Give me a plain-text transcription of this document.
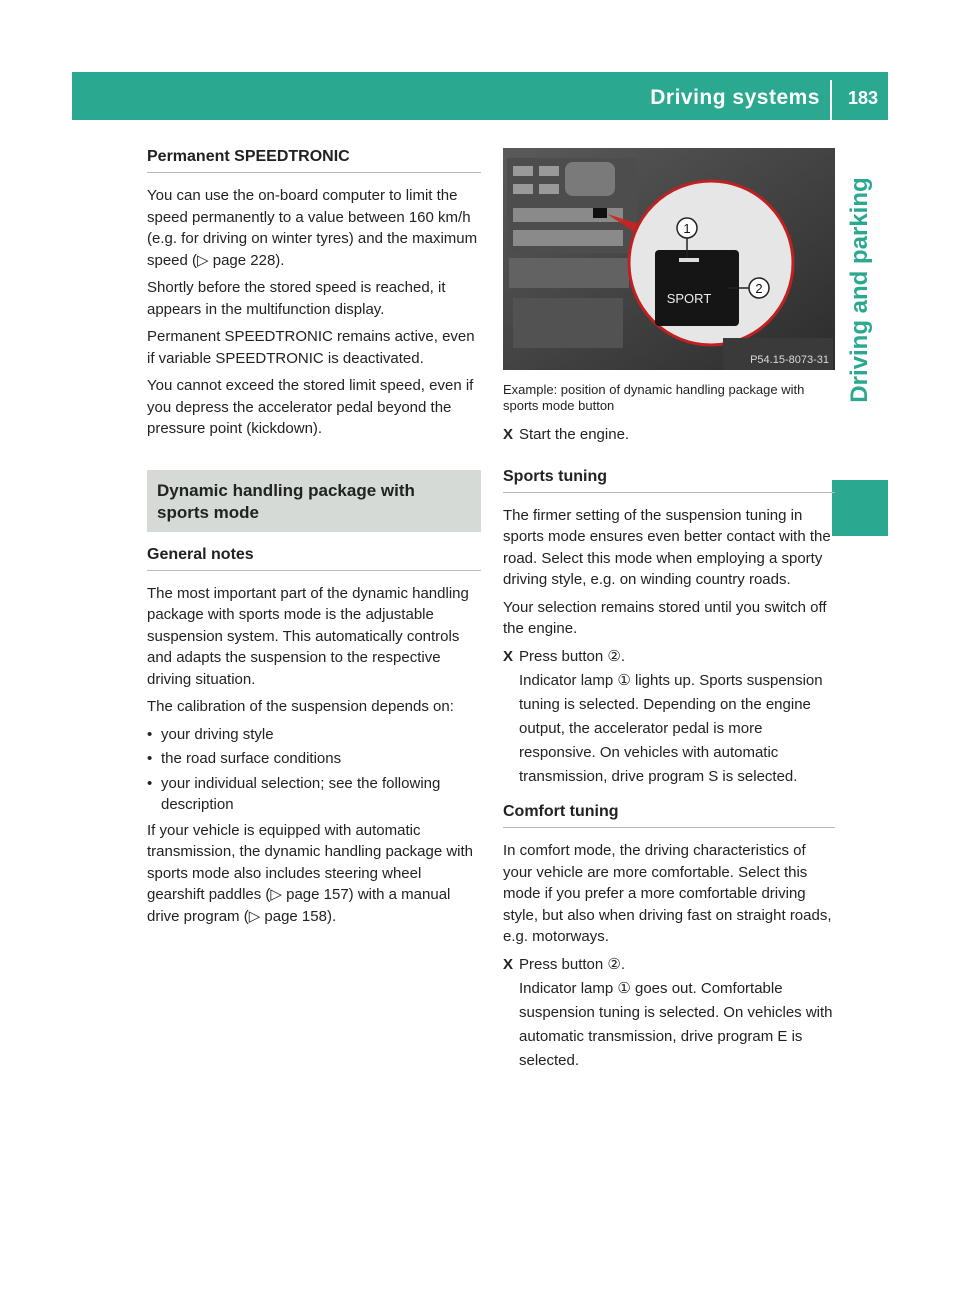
Driving systems 183
Driving and parking
Permanent SPEEDTRONIC

You can use the on-board computer to limit the speed permanently to a value between 160 km/h (e.g. for driving on winter tyres) and the maximum speed (▷ page 228).

Shortly before the stored speed is reached, it appears in the multifunction display.

Permanent SPEEDTRONIC remains active, even if variable SPEEDTRONIC is deactivated.

You cannot exceed the stored limit speed, even if you depress the accelerator pedal beyond the pressure point (kickdown).

Dynamic handling package with sports mode
General notes

The most important part of the dynamic handling package with sports mode is the adjustable suspension system. This automatically controls and adapts the suspension to the respective driving situation.

The calibration of the suspension depends on:

• your driving style
• the road surface conditions
• your individual selection; see the following description

If your vehicle is equipped with automatic transmission, the dynamic handling package with sports mode also includes steering wheel gearshift paddles (▷ page 157) with a manual drive program (▷ page 158).

1
2
SPORT
P54.15-8073-31
Example: position of dynamic handling package with sports mode button
X Start the engine.
Sports tuning

The firmer setting of the suspension tuning in sports mode ensures even better contact with the road. Select this mode when employing a sporty driving style, e.g. on winding country roads.

Your selection remains stored until you switch off the engine.

X Press button ②.
Indicator lamp ① lights up. Sports suspension tuning is selected. Depending on the engine output, the accelerator pedal is more responsive. On vehicles with automatic transmission, drive program S is selected.
Comfort tuning

In comfort mode, the driving characteristics of your vehicle are more comfortable. Select this mode if you prefer a more comfortable driving style, but also when driving fast on straight roads, e.g. motorways.

X Press button ②.
Indicator lamp ① goes out. Comfortable suspension tuning is selected. On vehicles with automatic transmission, drive program E is selected.
